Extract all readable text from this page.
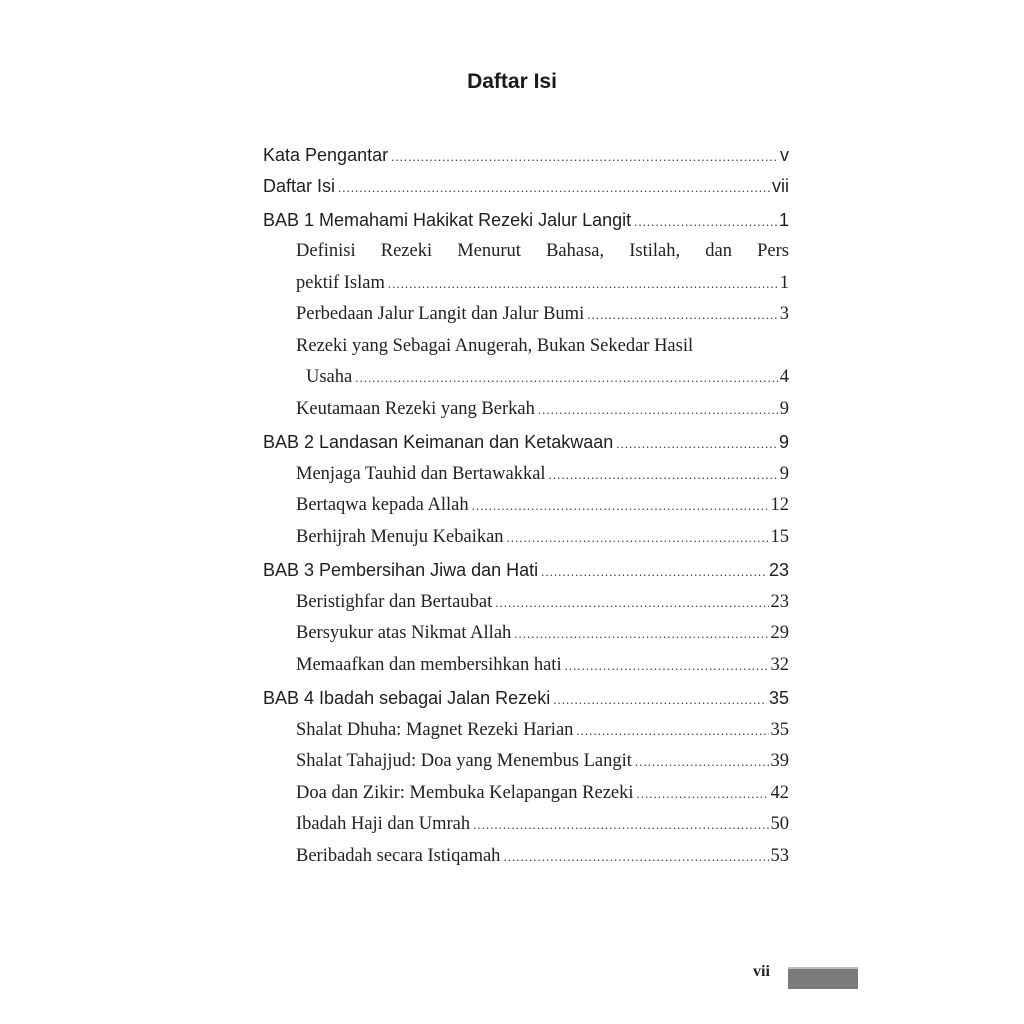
Daftar Isi
Kata Pengantar .....	v
Daftar Isi .....	vii
BAB 1 Memahami Hakikat Rezeki Jalur Langit .....	1
Definisi Rezeki Menurut Bahasa, Istilah, dan Pers
pektif Islam .....	1
Perbedaan Jalur Langit dan Jalur Bumi .....	3
Rezeki yang Sebagai Anugerah, Bukan Sekedar Hasil
Usaha .....	4
Keutamaan Rezeki yang Berkah .....	9
BAB 2 Landasan Keimanan dan Ketakwaan .....	9
Menjaga Tauhid dan Bertawakkal .....	9
Bertaqwa kepada Allah .....	12
Berhijrah Menuju Kebaikan .....	15
BAB 3 Pembersihan Jiwa dan Hati .....	23
Beristighfar dan Bertaubat .....	23
Bersyukur atas Nikmat Allah .....	29
Memaafkan dan membersihkan hati .....	32
BAB 4 Ibadah sebagai Jalan Rezeki .....	35
Shalat Dhuha: Magnet Rezeki Harian .....	35
Shalat Tahajjud: Doa yang Menembus Langit .....	39
Doa dan Zikir: Membuka Kelapangan Rezeki .....	42
Ibadah Haji dan Umrah .....	50
Beribadah secara Istiqamah .....	53
vii
